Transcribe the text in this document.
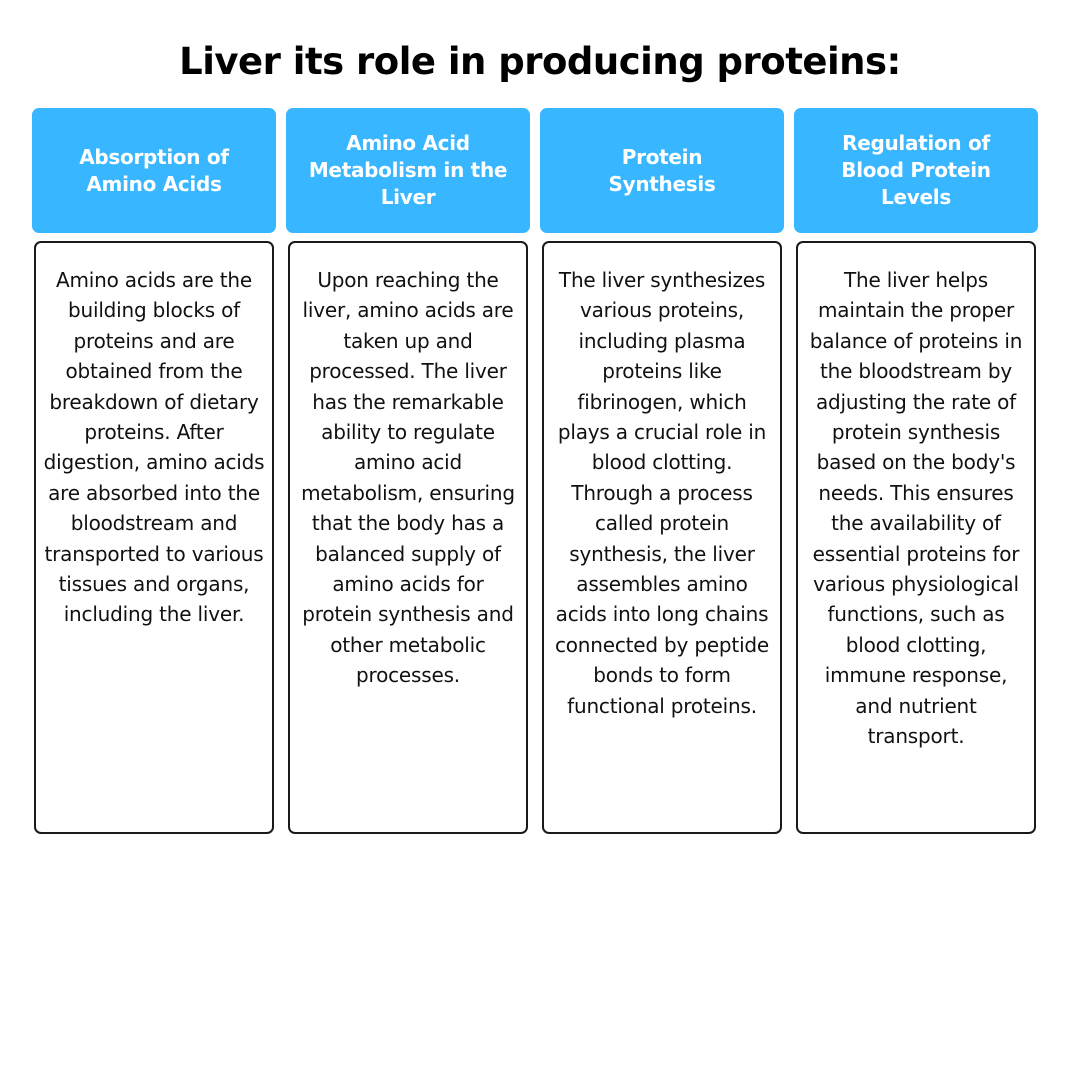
Liver its role in producing proteins:
Absorption of
Amino Acids

Amino acids are the building blocks of proteins and are obtained from the breakdown of dietary proteins. After digestion, amino acids are absorbed into the bloodstream and transported to various tissues and organs, including the liver.

Amino Acid
Metabolism in the
Liver

Upon reaching the liver, amino acids are taken up and processed. The liver has the remarkable ability to regulate amino acid metabolism, ensuring that the body has a balanced supply of amino acids for protein synthesis and other metabolic processes.

Protein
Synthesis

The liver synthesizes various proteins, including plasma proteins like fibrinogen, which plays a crucial role in blood clotting. Through a process called protein synthesis, the liver assembles amino acids into long chains connected by peptide bonds to form functional proteins.

Regulation of
Blood Protein
Levels

The liver helps maintain the proper balance of proteins in the bloodstream by adjusting the rate of protein synthesis based on the body's needs. This ensures the availability of essential proteins for various physiological functions, such as blood clotting, immune response, and nutrient transport.
